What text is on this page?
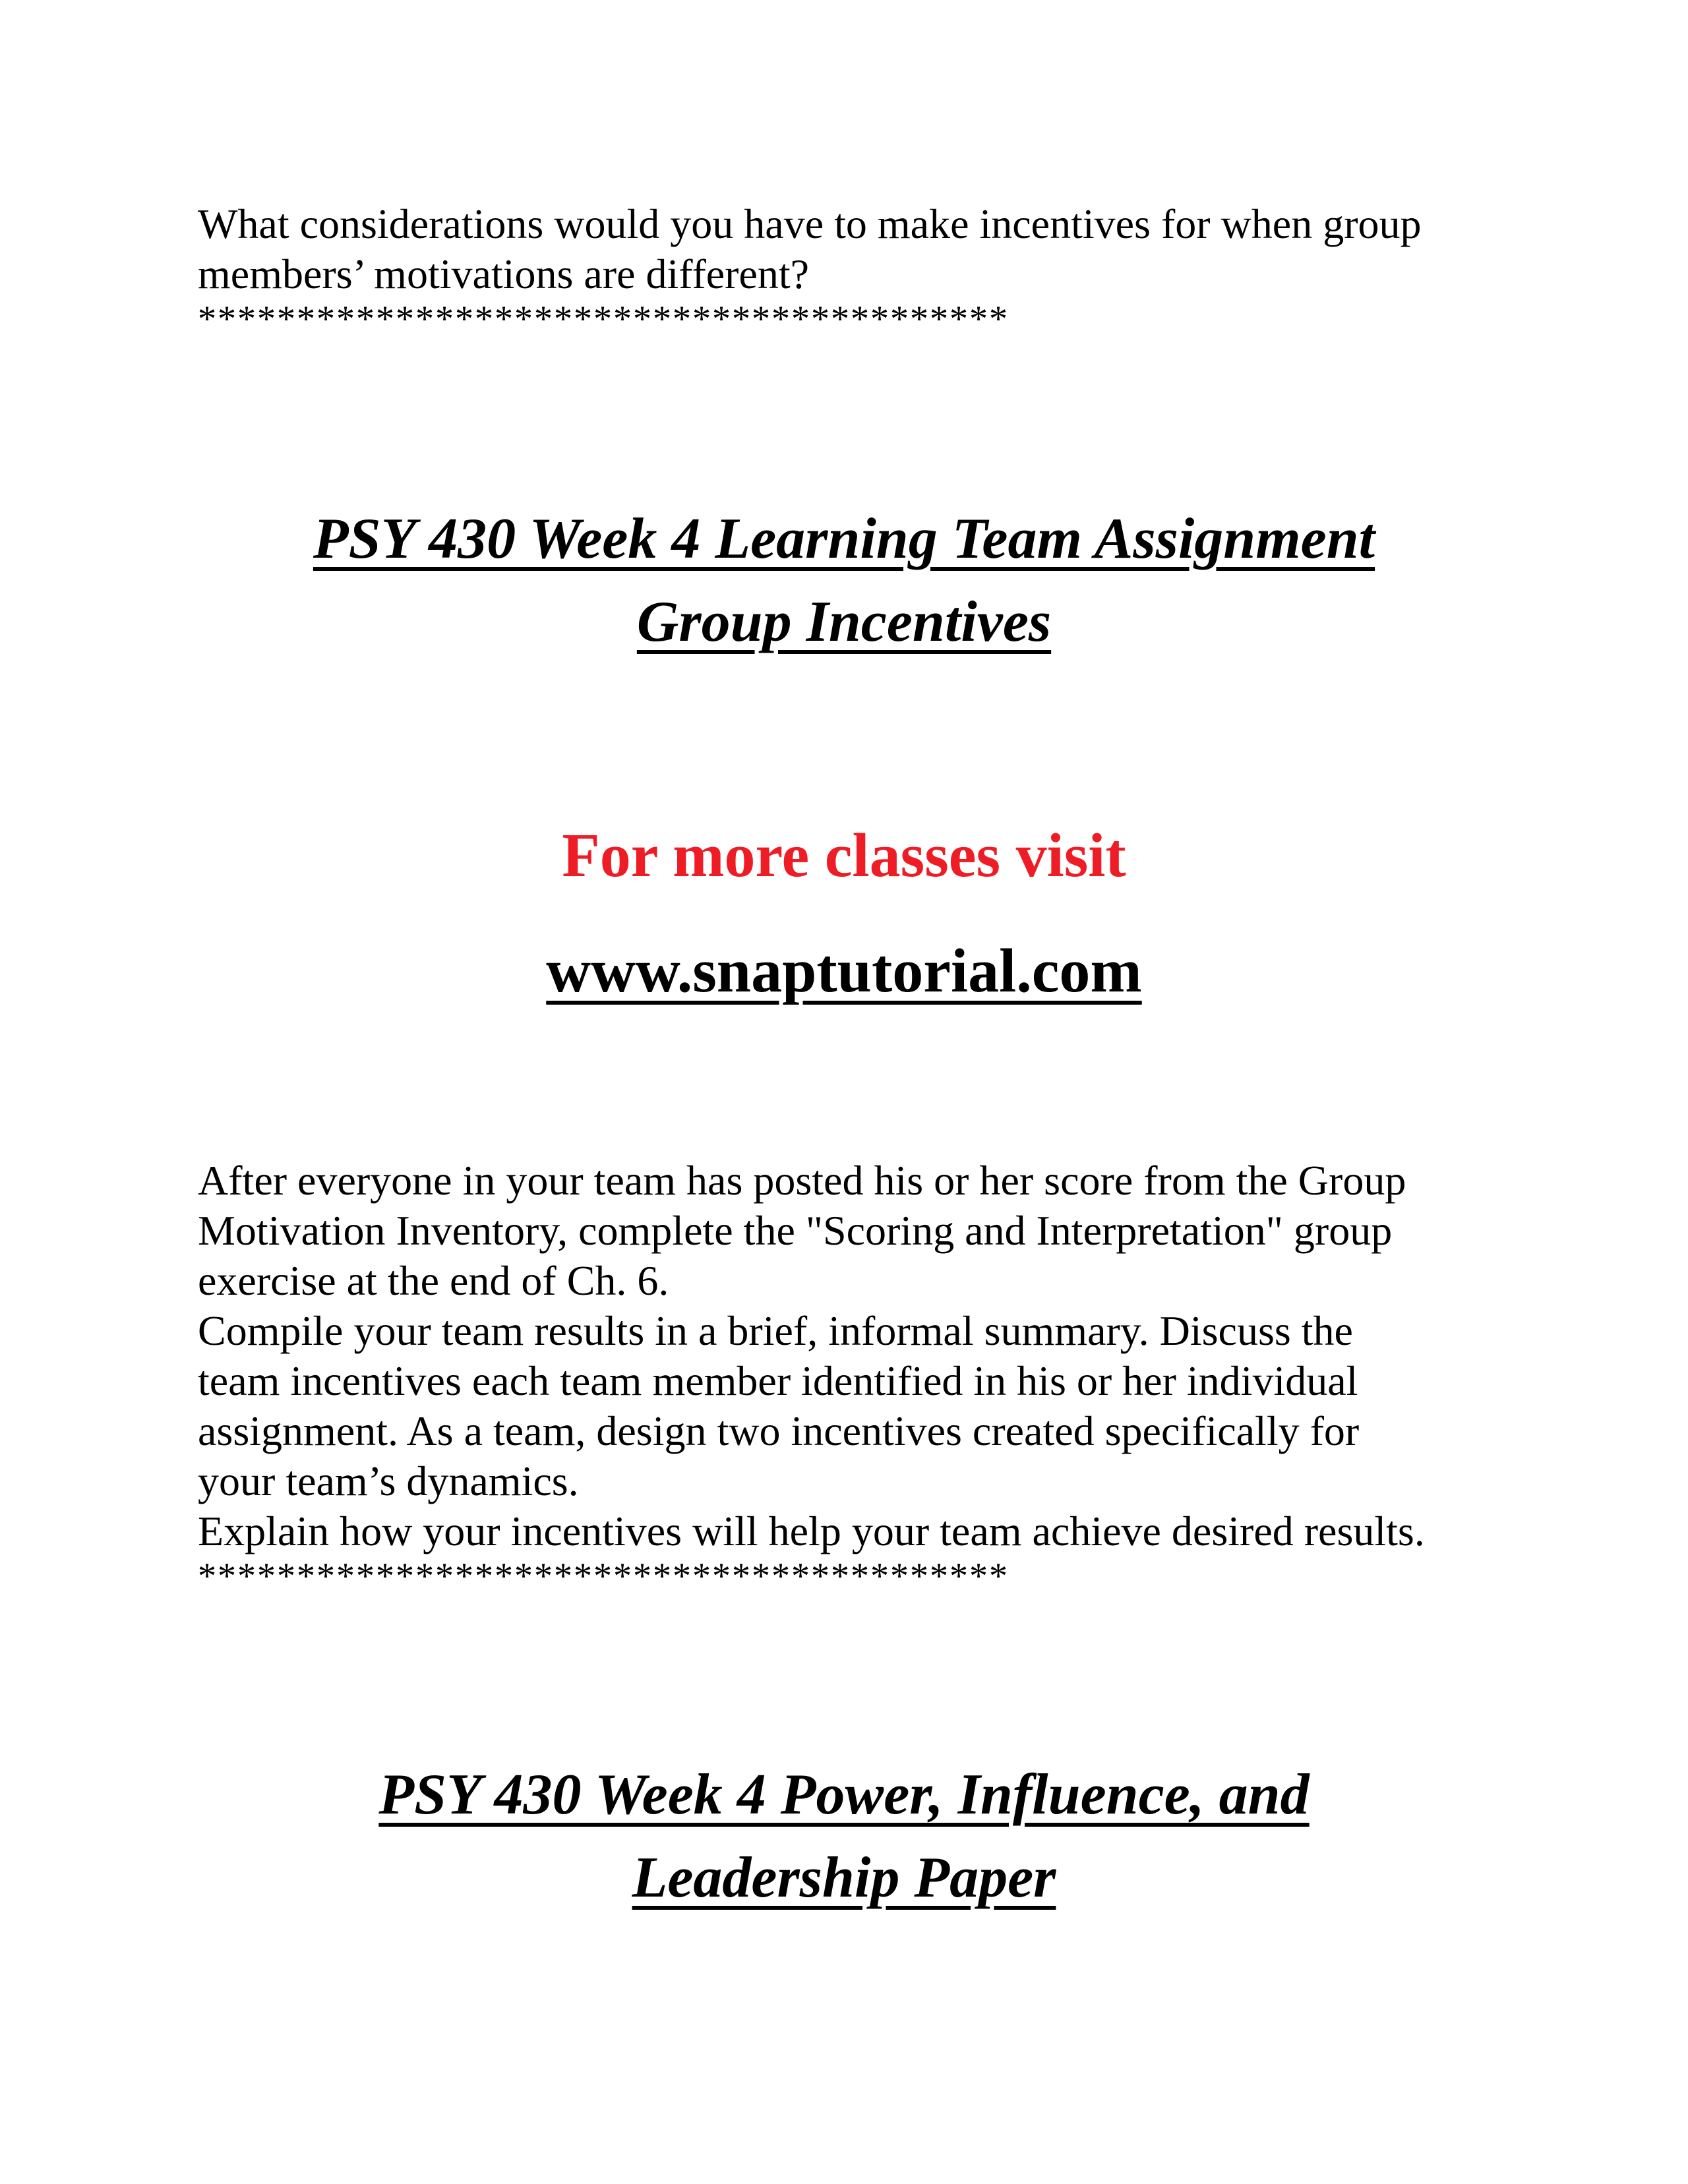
What considerations would you have to make incentives for when group
members’ motivations are different?
*****************************************
PSY 430 Week 4 Learning Team Assignment
Group Incentives
For more classes visit
www.snaptutorial.com
After everyone in your team has posted his or her score from the Group
Motivation Inventory, complete the "Scoring and Interpretation" group
exercise at the end of Ch. 6.
Compile your team results in a brief, informal summary. Discuss the
team incentives each team member identified in his or her individual
assignment. As a team, design two incentives created specifically for
your team’s dynamics.
Explain how your incentives will help your team achieve desired results.
*****************************************
PSY 430 Week 4 Power, Influence, and
Leadership Paper
